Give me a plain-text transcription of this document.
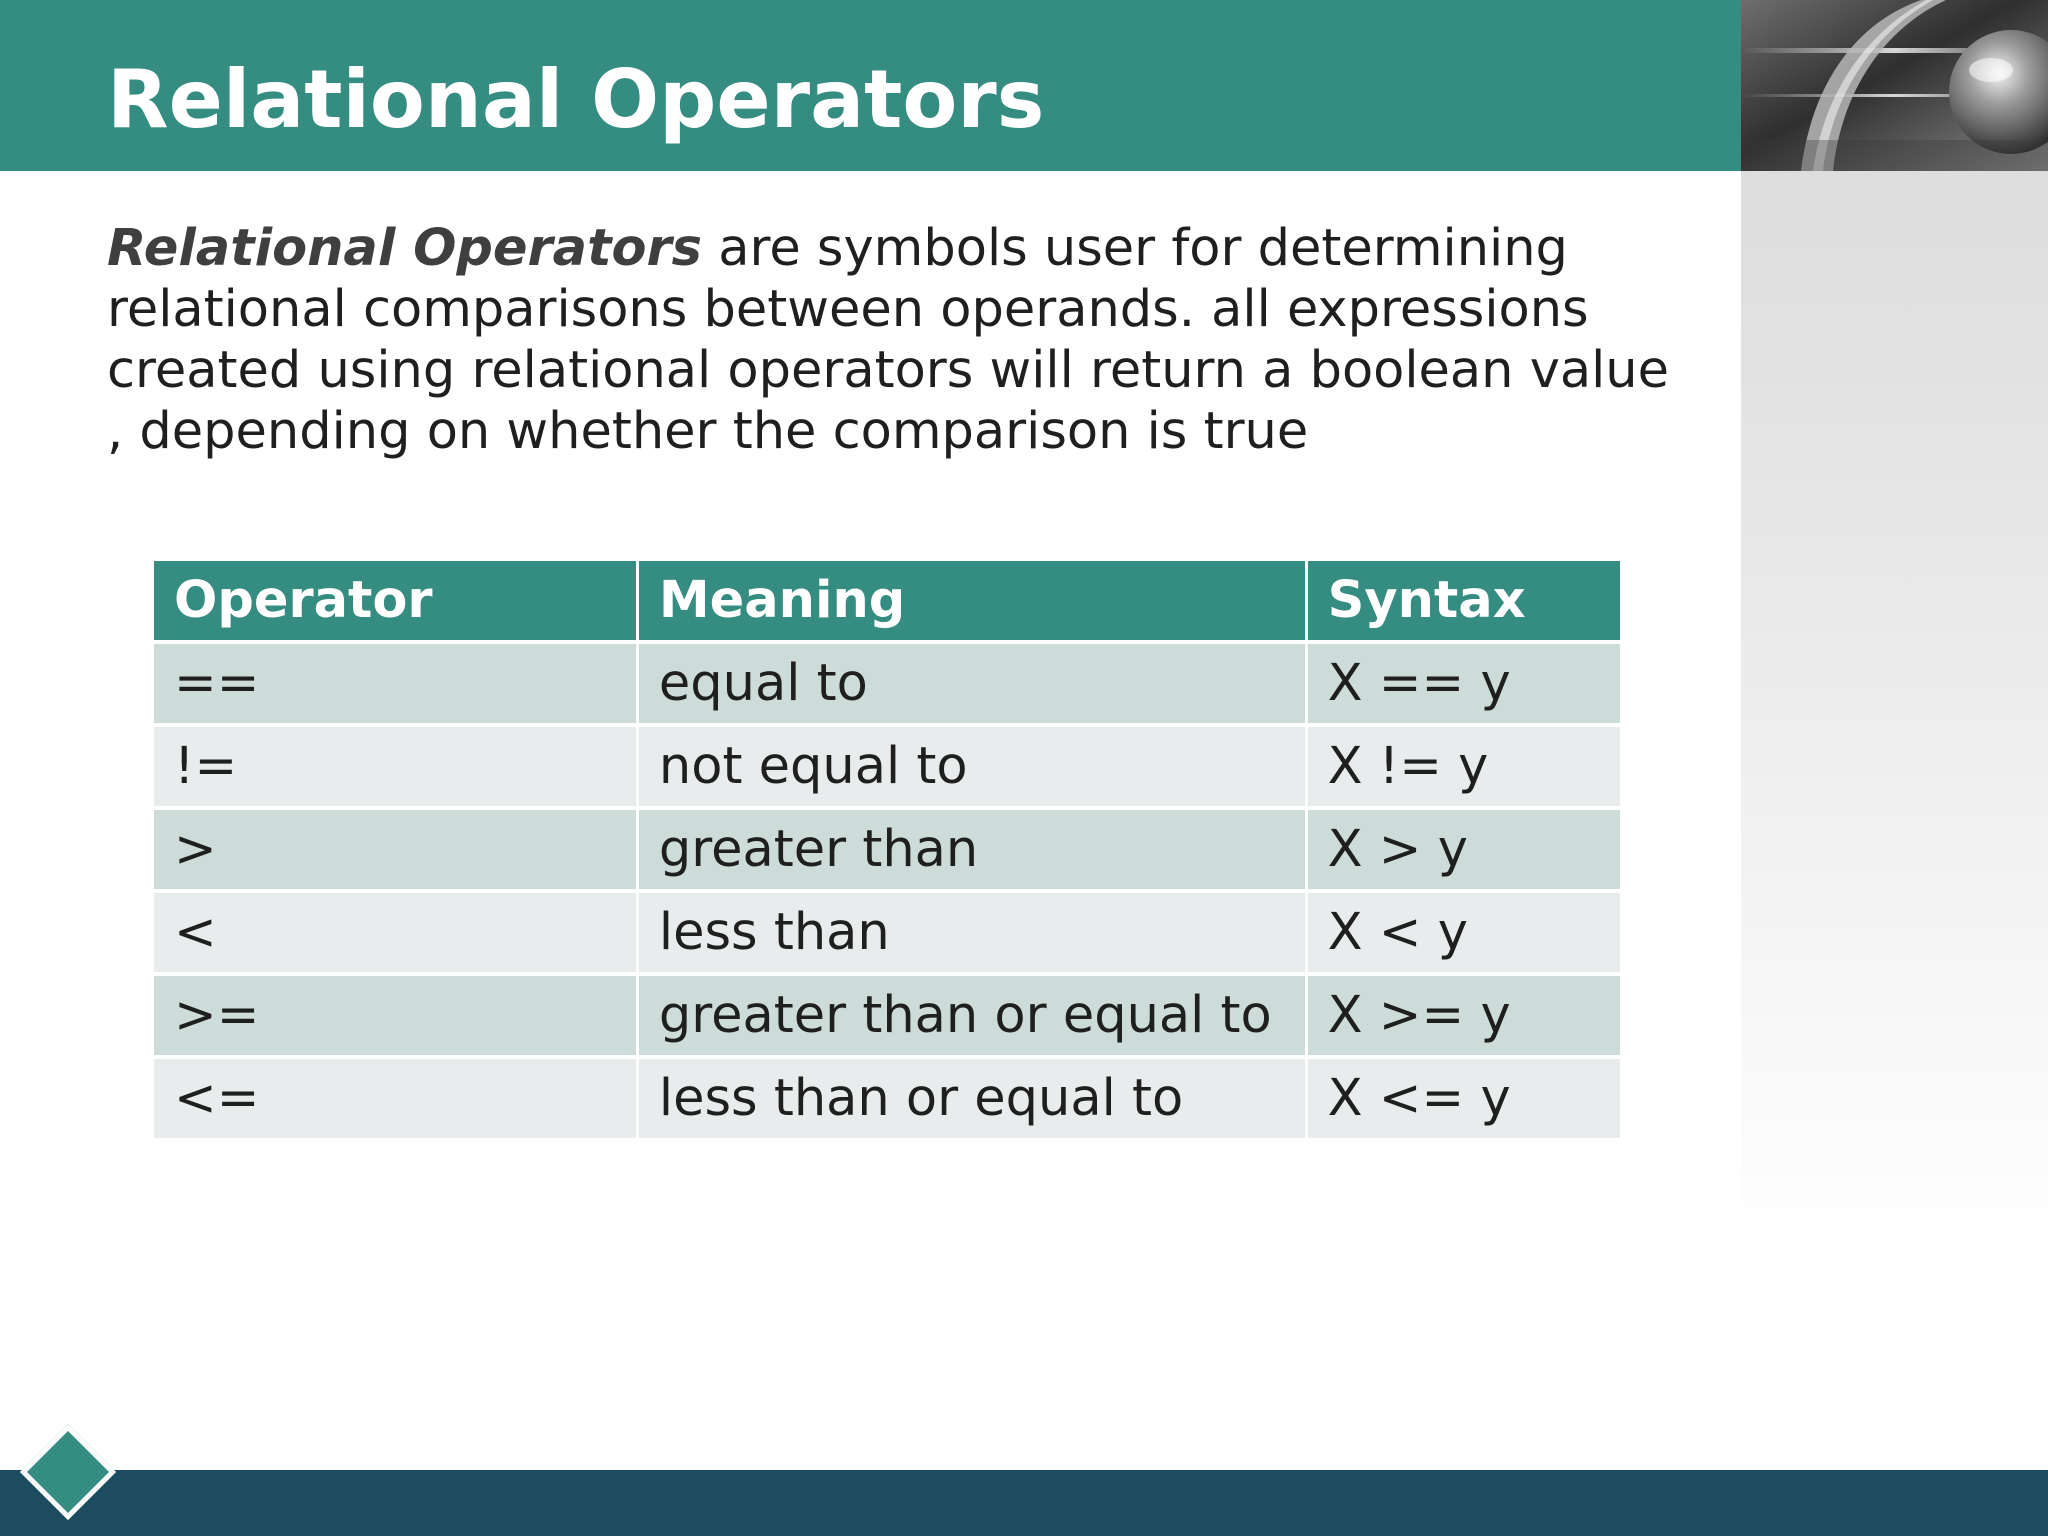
Relational Operators

Relational Operators are symbols user for determining relational comparisons between operands. all expressions created using relational operators will return a boolean value , depending on whether the comparison is true

Operator	Meaning	Syntax
==	equal to	X == y
!=	not equal to	X != y
>	greater than	X > y
<	less than	X < y
>=	greater than or equal to	X >= y
<=	less than or equal to	X <= y
